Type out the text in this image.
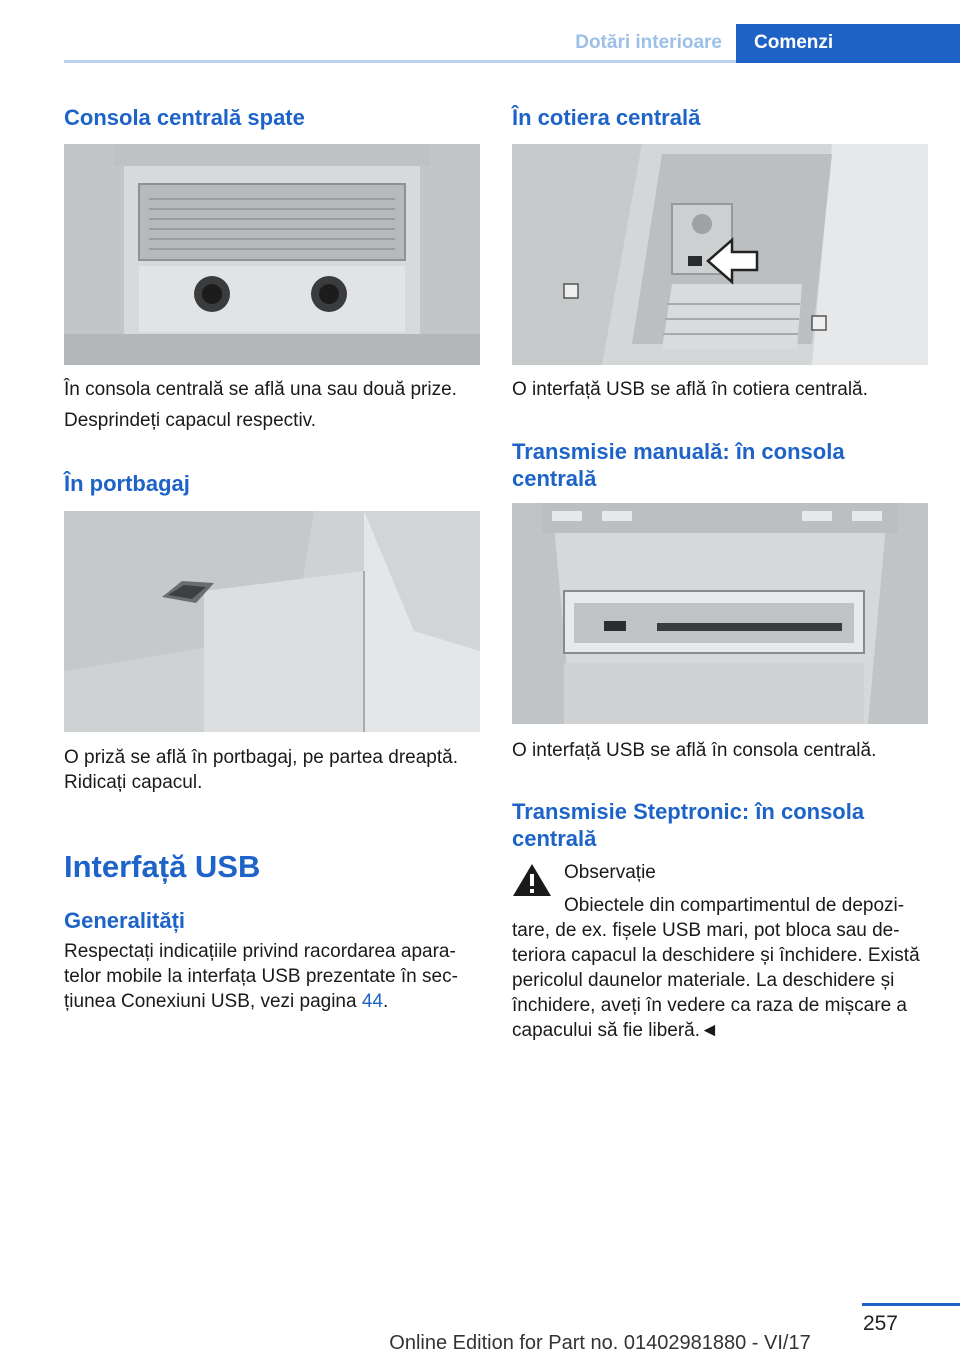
Dotări interioare	Comenzi
Consola centrală spate

În consola centrală se află una sau două prize.

Desprindeți capacul respectiv.

În portbagaj

O priză se află în portbagaj, pe partea dreaptă. Ridicați capacul.

Interfață USB
Generalități

Respectați indicațiile privind racordarea aparatelor mobile la interfața USB prezentate în secțiunea Conexiuni USB, vezi pagina 44.

În cotiera centrală

O interfață USB se află în cotiera centrală.

Transmisie manuală: în consola centrală

O interfață USB se află în consola centrală.

Transmisie Steptronic: în consola centrală

Observație

Obiectele din compartimentul de depozitare, de ex. fișele USB mari, pot bloca sau deteriora capacul la deschidere și închidere. Există pericolul daunelor materiale. La deschidere și închidere, aveți în vedere ca raza de mișcare a capacului să fie liberă.◄

257
Online Edition for Part no. 01402981880 - VI/17
